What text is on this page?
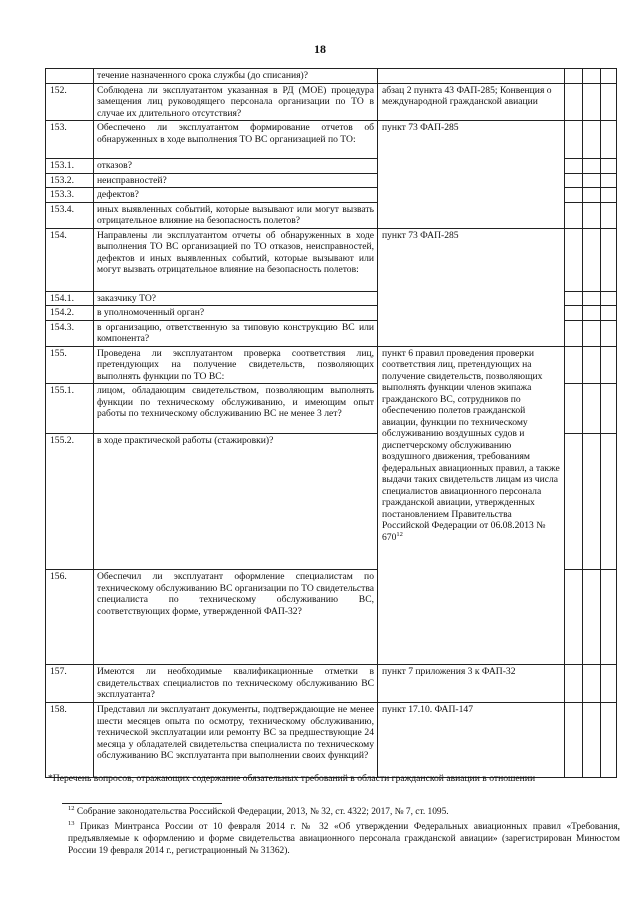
18
	течение назначенного срока службы (до списания)?				
152.	Соблюдена ли эксплуатантом указанная в РД (МОЕ) процедура замещения лиц руководящего персонала организации по ТО в случае их длительного отсутствия?	абзац 2 пункта 43 ФАП-285; Конвенция о международной гражданской авиации			
153.	Обеспечено ли эксплуатантом формирование отчетов об обнаруженных в ходе выполнения ТО ВС организацией по ТО:	пункт 73 ФАП-285			
153.1.	отказов?				
153.2.	неисправностей?				
153.3.	дефектов?				
153.4.	иных выявленных событий, которые вызывают или могут вызвать отрицательное влияние на безопасность полетов?				
154.	Направлены ли эксплуатантом отчеты об обнаруженных в ходе выполнения ТО ВС организацией по ТО отказов, неисправностей, дефектов и иных выявленных событий, которые вызывают или могут вызвать отрицательное влияние на безопасность полетов:	пункт 73 ФАП-285			
154.1.	заказчику ТО?				
154.2.	в уполномоченный орган?				
154.3.	в организацию, ответственную за типовую конструкцию ВС или компонента?				
155.	Проведена ли эксплуатантом проверка соответствия лиц, претендующих на получение свидетельств, позволяющих выполнять функции по ТО ВС:	пункт 6 правил проведения проверки соответствия лиц, претендующих на получение свидетельств, позволяющих выполнять функции членов экипажа гражданского ВС, сотрудников по обеспечению полетов гражданской авиации, функции по техническому обслуживанию воздушных судов и диспетчерскому обслуживанию воздушного движения, требованиям федеральных авиационных правил, а также выдачи таких свидетельств лицам из числа специалистов авиационного персонала гражданской авиации, утвержденных постановлением Правительства Российской Федерации от 06.08.2013 № $670^{12}$			
155.1.	лицом, обладающим свидетельством, позволяющим выполнять функции по техническому обслуживанию, и имеющим опыт работы по техническому обслуживанию ВС не менее 3 лет?				
155.2.	в ходе практической работы (стажировки)?				
156.	Обеспечил ли эксплуатант оформление специалистам по техническому обслуживанию ВС организации по ТО свидетельства специалиста по техническому обслуживанию ВС, соответствующих форме, утвержденной ФАП-32?				
157.	Имеются ли необходимые квалификационные отметки в свидетельствах специалистов по техническому обслуживанию ВС эксплуатанта?	пункт 7 приложения 3 к ФАП-32			
158.	Представил ли эксплуатант документы, подтверждающие не менее шести месяцев опыта по осмотру, техническому обслуживанию, технической эксплуатации или ремонту ВС за предшествующие 24 месяца у обладателей свидетельства специалиста по техническому обслуживанию ВС эксплуатанта при выполнении своих функций?	пункт 17.10. ФАП-147			
*Перечень вопросов, отражающих содержание обязательных требований в области гражданской авиации в отношении

$^{12}$ Собрание законодательства Российской Федерации, 2013, № 32, ст. 4322; 2017, № 7, ст. 1095.

$^{13}$ Приказ Минтранса России от 10 февраля 2014 г. № 32 «Об утверждении Федеральных авиационных правил «Требования, предъявляемые к оформлению и форме свидетельства авиационного персонала гражданской авиации» (зарегистрирован Минюстом России 19 февраля 2014 г., регистрационный № 31362).
